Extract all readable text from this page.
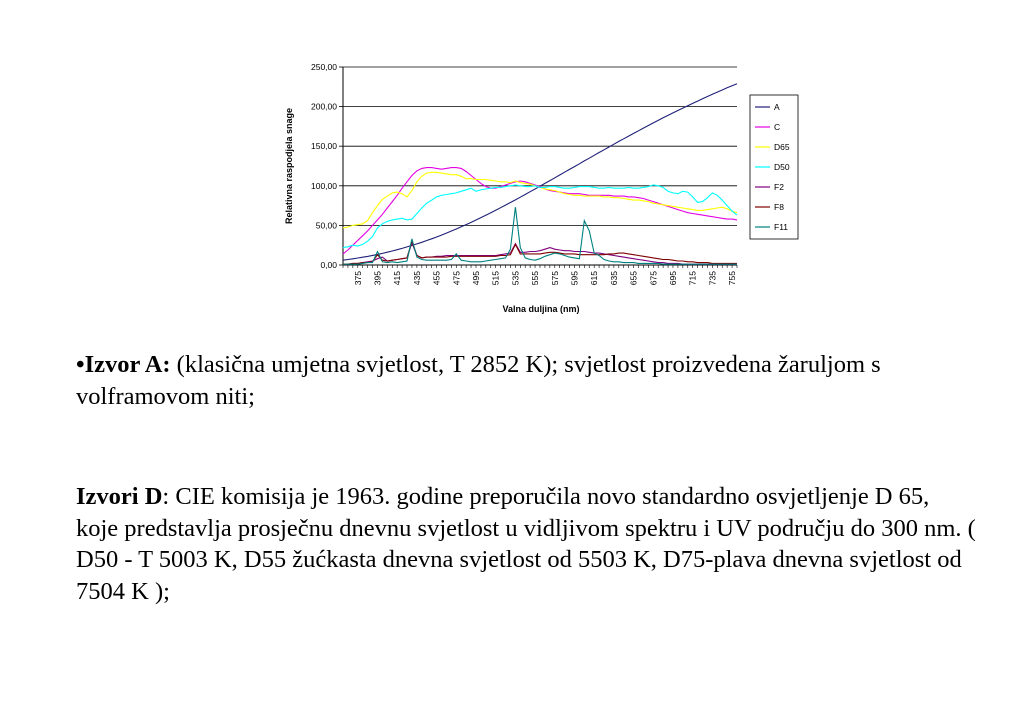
Relativna raspodjela snage
Valna duljina (nm)
0,00
50,00
100,00
150,00
200,00
250,00
375 395 415 435 455 475 495 515 535 555 575 595 615 635 655 675 695 715 735 755
A
C
D65
D50
F2
F8
F11
•Izvor A: (klasična umjetna svjetlost, T 2852 K); svjetlost proizvedena žaruljom s volframovom niti;
Izvori D: CIE komisija je 1963. godine preporučila novo standardno osvjetljenje D 65, koje predstavlja prosječnu dnevnu svjetlost u vidljivom spektru i UV području do 300 nm. ( D50 - T 5003 K, D55 žućkasta dnevna svjetlost od 5503 K, D75-plava dnevna svjetlost od 7504 K );
